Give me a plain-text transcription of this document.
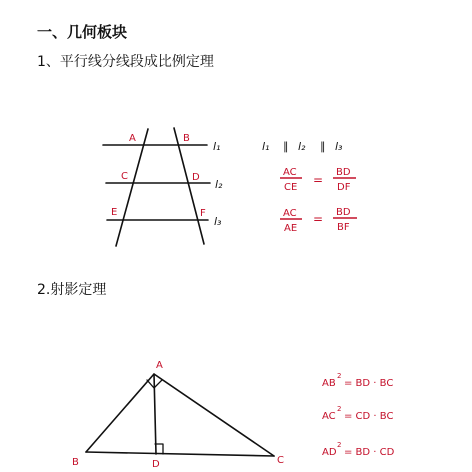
一、几何板块
1、平行线分线段成比例定理
2.射影定理
A	B
C	D
E	F
l₁
l₂
l₃
l₁ ∥ l₂ ∥ l₃
AC
CE
=
BD
DF
AC
AE
= BD
BF
A
B	C
D
AB
2
= BD · BC
AC
2
= CD · BC
AD
2
= BD · CD
